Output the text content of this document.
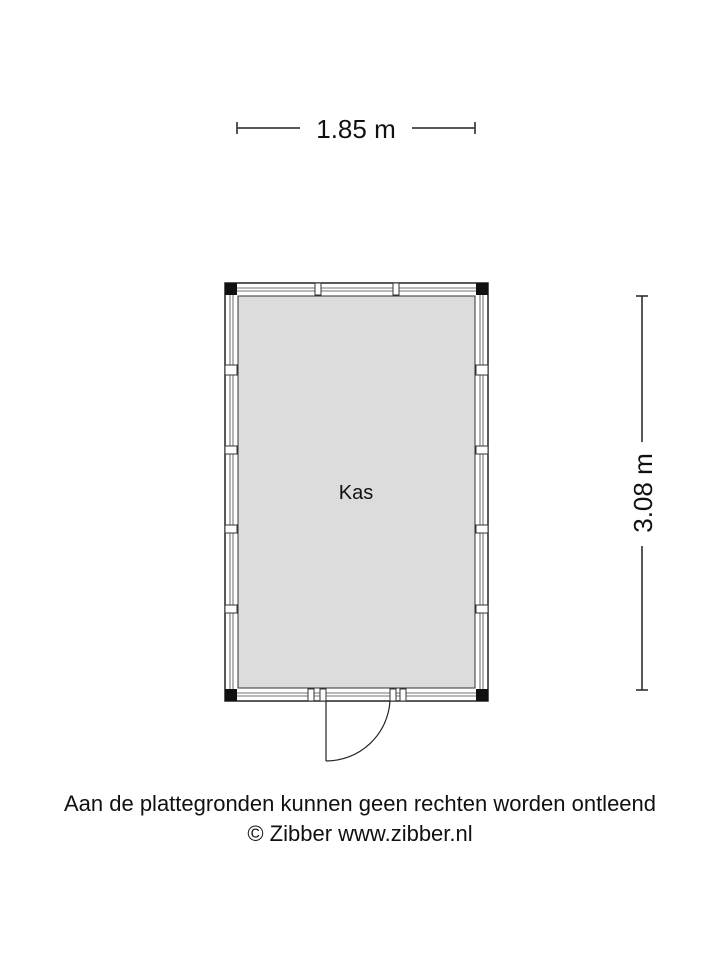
1.85 m
3.08 m
Kas
Aan de plattegronden kunnen geen rechten worden ontleend
© Zibber www.zibber.nl
